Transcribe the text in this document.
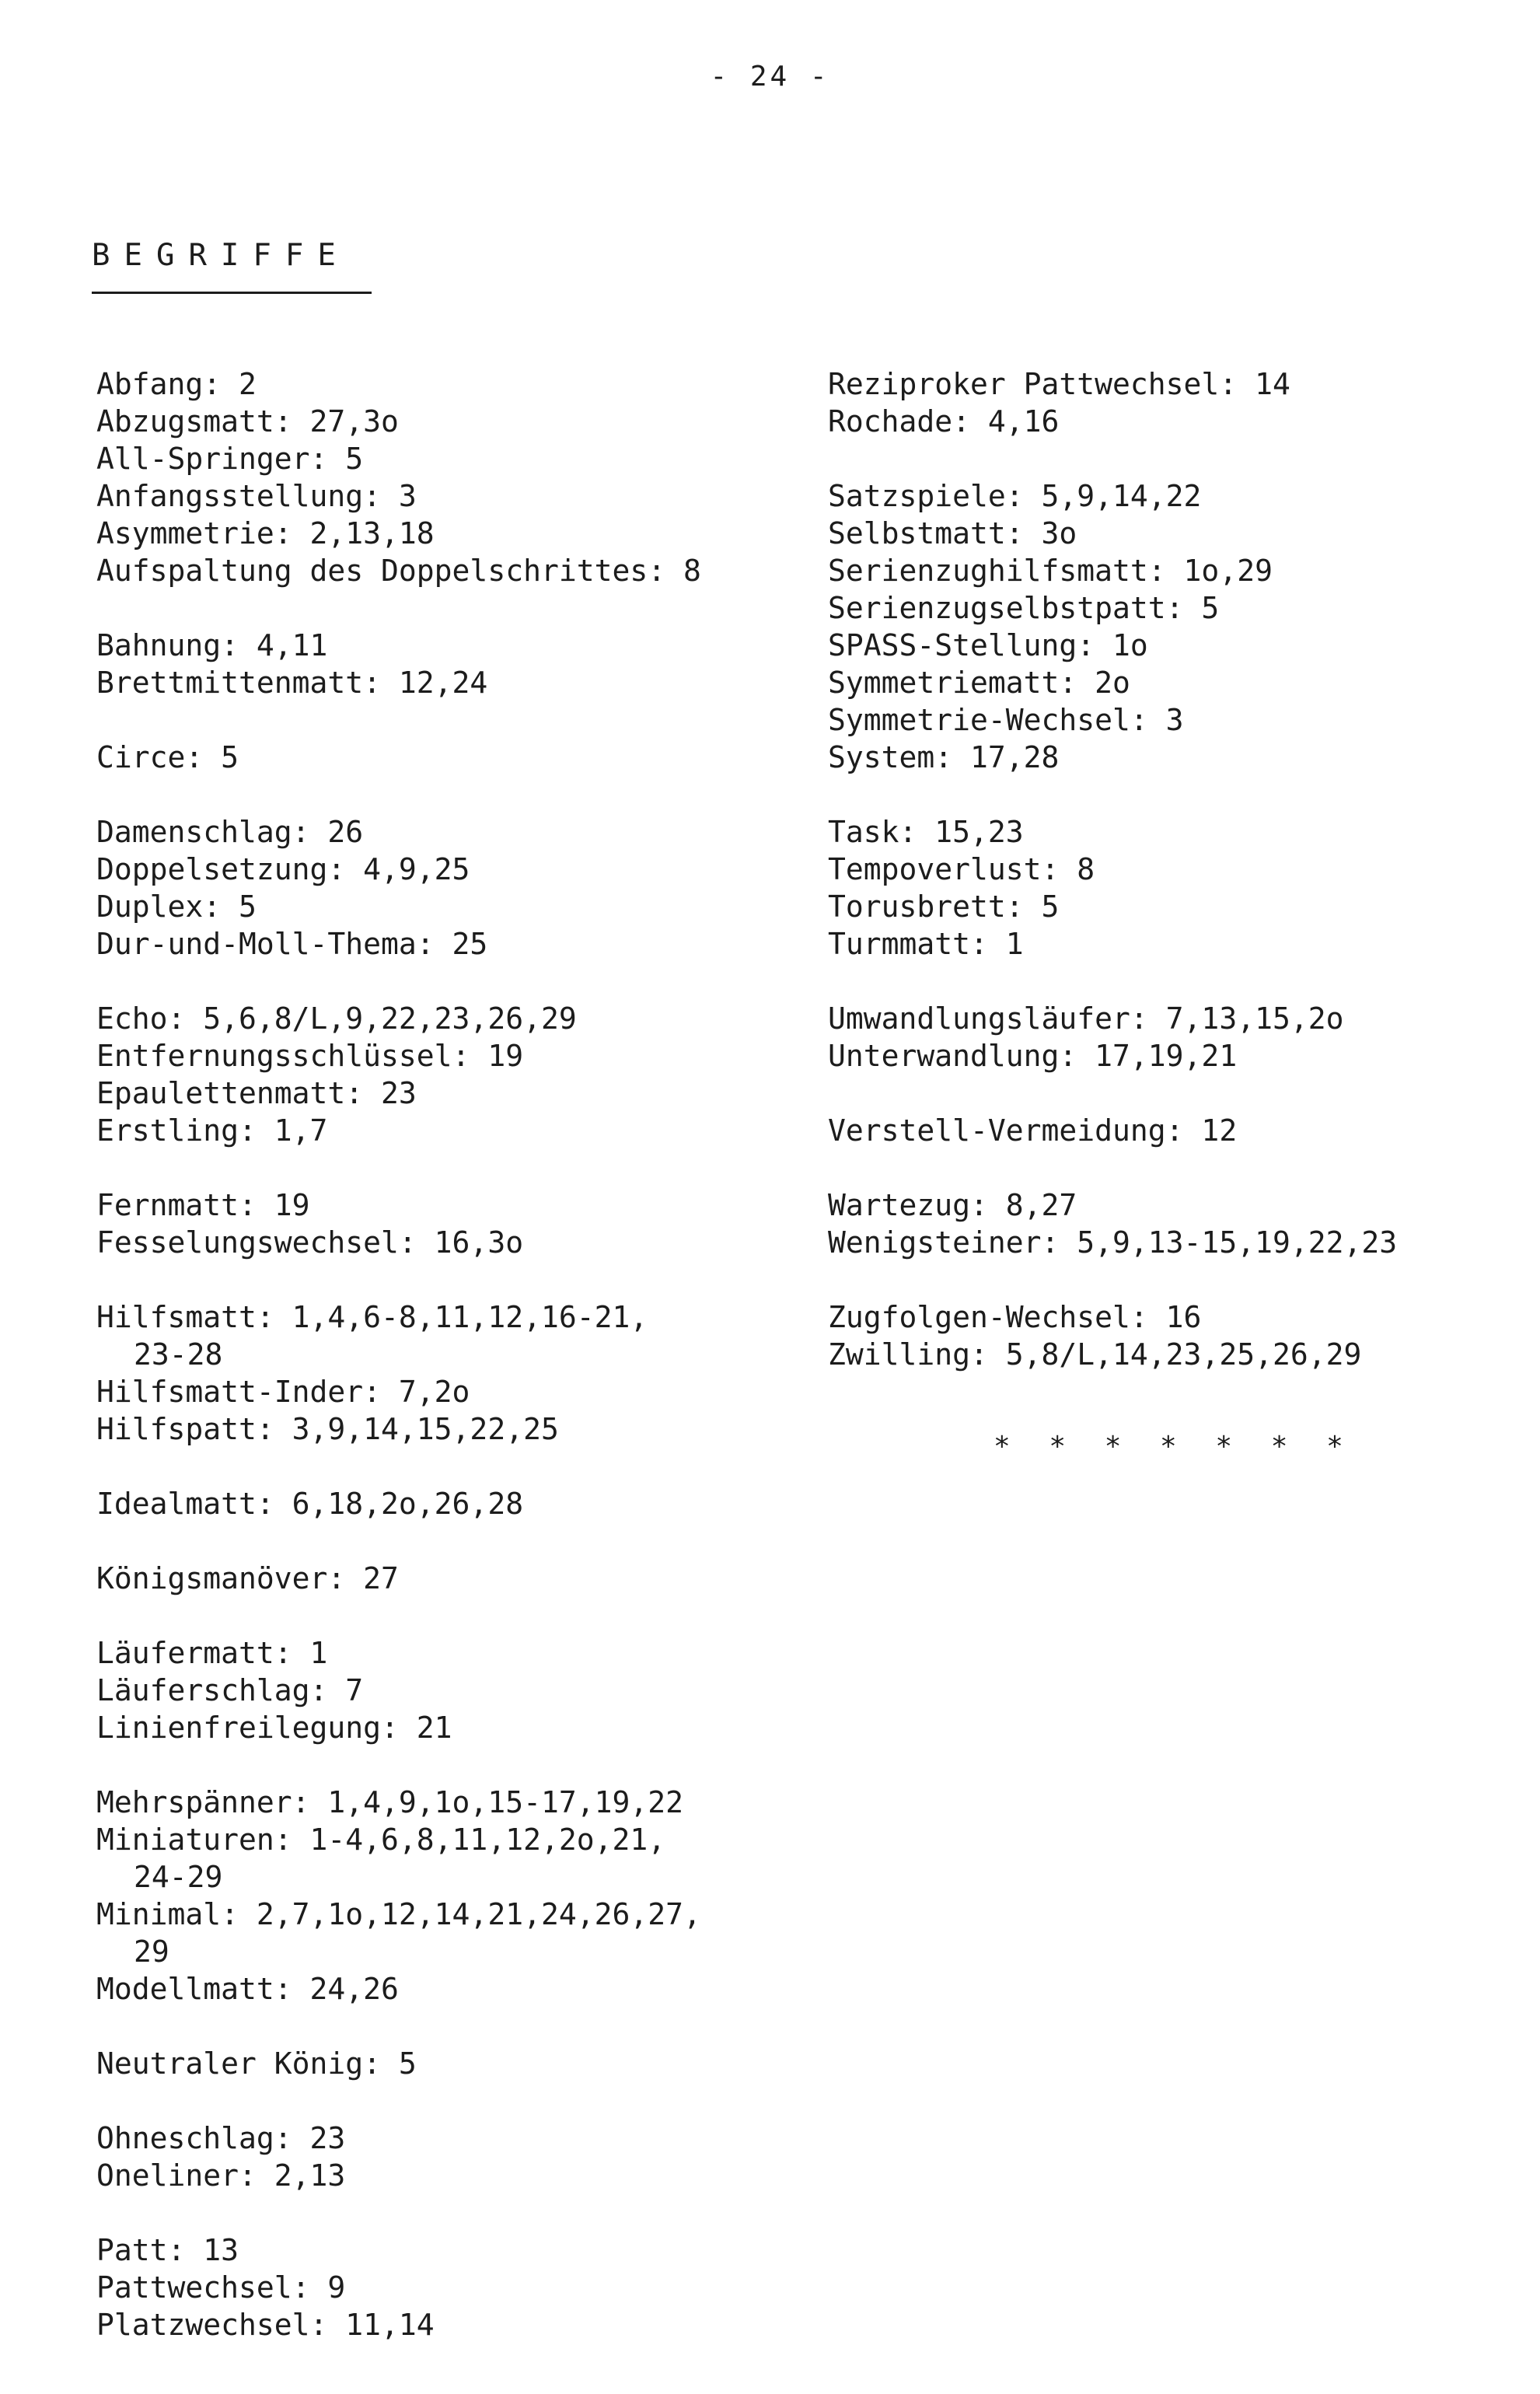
- 24 -
BEGRIFFE
Abfang: 2
Abzugsmatt: 27,3o
All-Springer: 5
Anfangsstellung: 3
Asymmetrie: 2,13,18
Aufspaltung des Doppelschrittes: 8
Bahnung: 4,11
Brettmittenmatt: 12,24
Circe: 5
Damenschlag: 26
Doppelsetzung: 4,9,25
Duplex: 5
Dur-und-Moll-Thema: 25
Echo: 5,6,8/L,9,22,23,26,29
Entfernungsschlüssel: 19
Epaulettenmatt: 23
Erstling: 1,7
Fernmatt: 19
Fesselungswechsel: 16,3o
Hilfsmatt: 1,4,6-8,11,12,16-21,
23-28
Hilfsmatt-Inder: 7,2o
Hilfspatt: 3,9,14,15,22,25
Idealmatt: 6,18,2o,26,28
Königsmanöver: 27
Läufermatt: 1
Läuferschlag: 7
Linienfreilegung: 21
Mehrspänner: 1,4,9,1o,15-17,19,22
Miniaturen: 1-4,6,8,11,12,2o,21,
24-29
Minimal: 2,7,1o,12,14,21,24,26,27,
29
Modellmatt: 24,26
Neutraler König: 5
Ohneschlag: 23
Oneliner: 2,13
Patt: 13
Pattwechsel: 9
Platzwechsel: 11,14
Reziproker Pattwechsel: 14
Rochade: 4,16
Satzspiele: 5,9,14,22
Selbstmatt: 3o
Serienzughilfsmatt: 1o,29
Serienzugselbstpatt: 5
SPASS-Stellung: 1o
Symmetriematt: 2o
Symmetrie-Wechsel: 3
System: 17,28
Task: 15,23
Tempoverlust: 8
Torusbrett: 5
Turmmatt: 1
Umwandlungsläufer: 7,13,15,2o
Unterwandlung: 17,19,21
Verstell-Vermeidung: 12
Wartezug: 8,27
Wenigsteiner: 5,9,13-15,19,22,23
Zugfolgen-Wechsel: 16
Zwilling: 5,8/L,14,23,25,26,29
* * * * * * *
